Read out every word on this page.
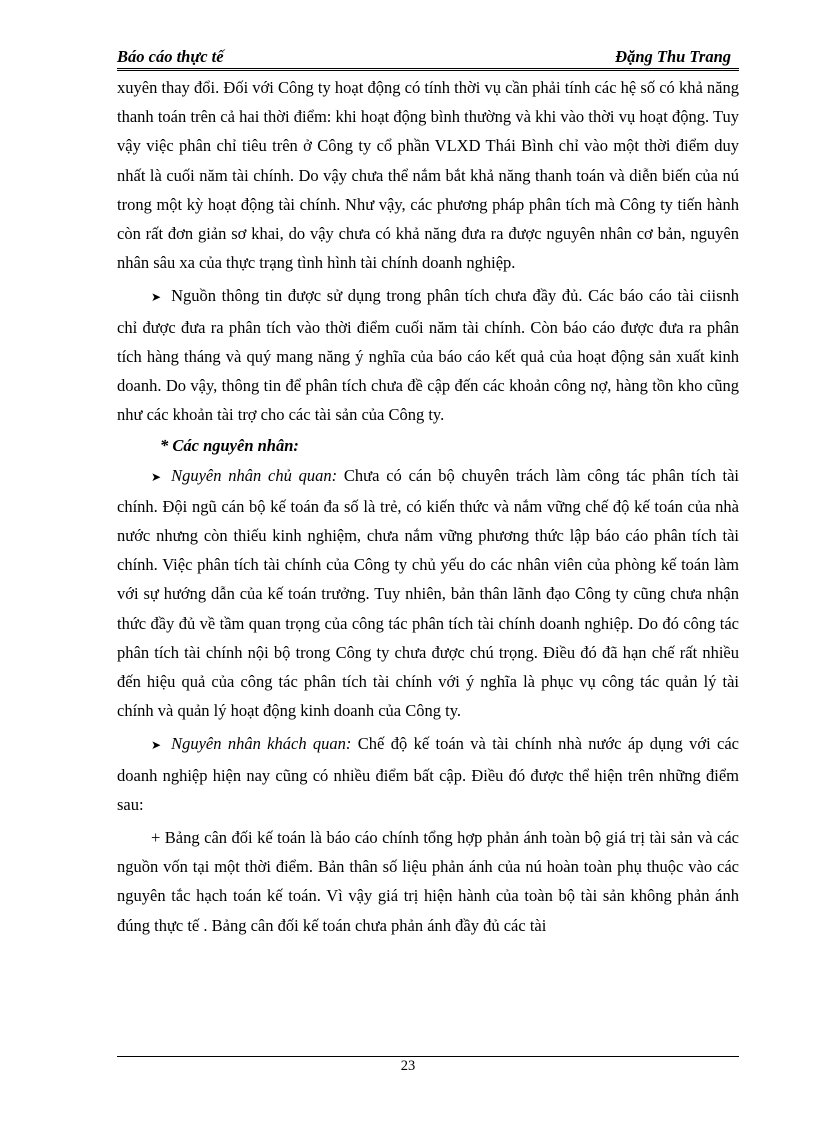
Báo cáo thực tế	Đặng Thu Trang

xuyên thay đổi. Đối với Công ty hoạt động có tính thời vụ cần phải tính các hệ số có khả năng thanh toán trên cả hai thời điểm: khi hoạt động bình thường và khi vào thời vụ hoạt động. Tuy vậy việc phân chỉ tiêu trên ở Công ty cổ phần VLXD Thái Bình chỉ vào một thời điểm duy nhất là cuối năm tài chính. Do vậy chưa thể nắm bắt khả năng thanh toán và diễn biến của nú trong một kỳ hoạt động tài chính. Như vậy, các phương pháp phân tích mà Công ty tiến hành còn rất đơn giản sơ khai, do vậy chưa có khả năng đưa ra được nguyên nhân cơ bản, nguyên nhân sâu xa của thực trạng tình hình tài chính doanh nghiệp.

➤ Nguồn thông tin được sử dụng trong phân tích chưa đầy đủ. Các báo cáo tài ciisnh chỉ được đưa ra phân tích vào thời điểm cuối năm tài chính. Còn báo cáo được đưa ra phân tích hàng tháng và quý mang năng ý nghĩa của báo cáo kết quả của hoạt động sản xuất kinh doanh. Do vậy, thông tin để phân tích chưa đề cập đến các khoản công nợ, hàng tồn kho cũng như các khoản tài trợ cho các tài sản của Công ty.

* Các nguyên nhân:

➤ Nguyên nhân chủ quan: Chưa có cán bộ chuyên trách làm công tác phân tích tài chính. Đội ngũ cán bộ kế toán đa số là trẻ, có kiến thức và nắm vững chế độ kế toán của nhà nước nhưng còn thiếu kinh nghiệm, chưa nắm vững phương thức lập báo cáo phân tích tài chính. Việc phân tích tài chính của Công ty chủ yếu do các nhân viên của phòng kế toán làm với sự hướng dẫn của kế toán trưởng. Tuy nhiên, bản thân lãnh đạo Công ty cũng chưa nhận thức đầy đủ về tầm quan trọng của công tác phân tích tài chính doanh nghiệp. Do đó công tác phân tích tài chính nội bộ trong Công ty chưa được chú trọng. Điều đó đã hạn chế rất nhiều đến hiệu quả của công tác phân tích tài chính với ý nghĩa là phục vụ công tác quản lý tài chính và quản lý hoạt động kinh doanh của Công ty.

➤ Nguyên nhân khách quan: Chế độ kế toán và tài chính nhà nước áp dụng với các doanh nghiệp hiện nay cũng có nhiều điểm bất cập. Điều đó được thể hiện trên những điểm sau:

+ Bảng cân đối kế toán là báo cáo chính tổng hợp phản ánh toàn bộ giá trị tài sản và các nguồn vốn tại một thời điểm. Bản thân số liệu phản ánh của nú hoàn toàn phụ thuộc vào các nguyên tắc hạch toán kế toán. Vì vậy giá trị hiện hành của toàn bộ tài sản không phản ánh đúng thực tế . Bảng cân đối kế toán chưa phản ánh đầy đủ các tài

23
